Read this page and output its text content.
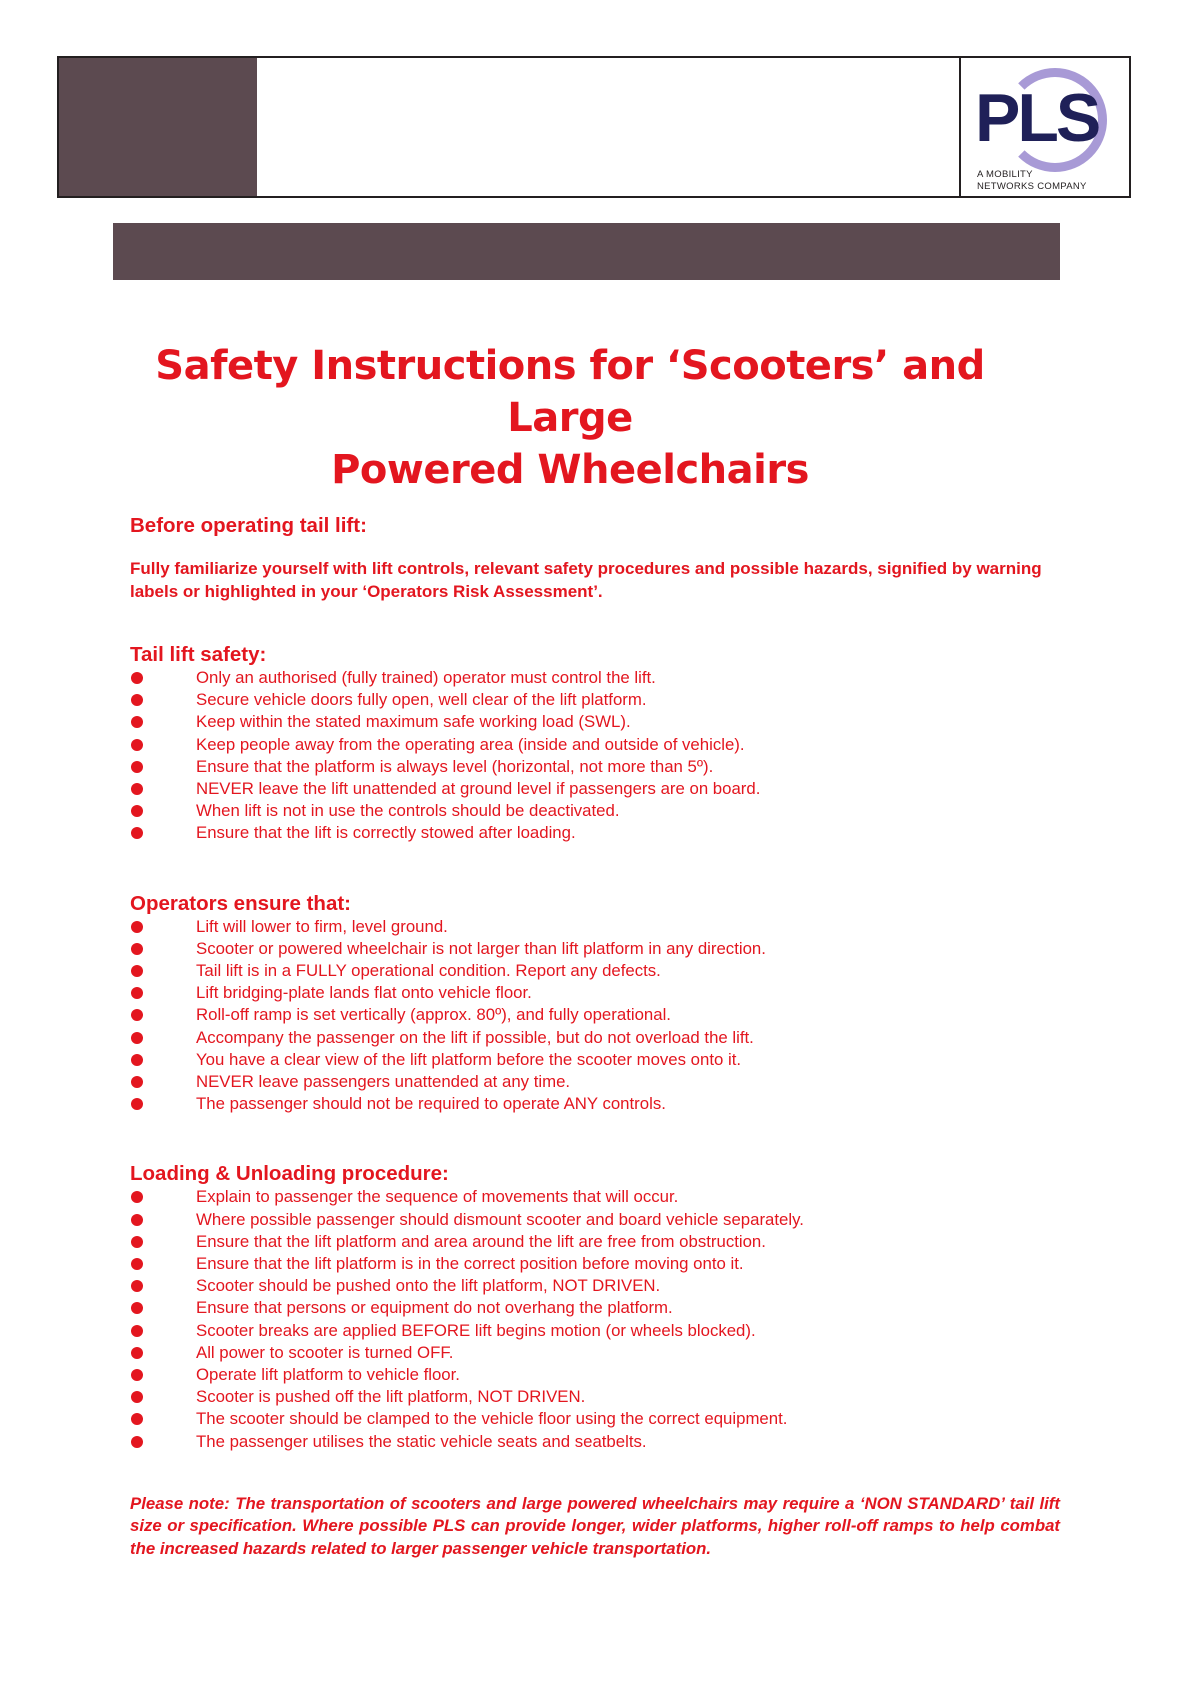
PLS
A MOBILITY
NETWORKS COMPANY
Safety Instructions for ‘Scooters’ and Large
Powered Wheelchairs
Before operating tail lift:

Fully familiarize yourself with lift controls, relevant safety procedures and possible hazards, signified by warning labels or highlighted in your ‘Operators Risk Assessment’.

Tail lift safety:
Only an authorised (fully trained) operator must control the lift.
Secure vehicle doors fully open, well clear of the lift platform.
Keep within the stated maximum safe working load (SWL).
Keep people away from the operating area (inside and outside of vehicle).
Ensure that the platform is always level (horizontal, not more than 5º).
NEVER leave the lift unattended at ground level if passengers are on board.
When lift is not in use the controls should be deactivated.
Ensure that the lift is correctly stowed after loading.
Operators ensure that:
Lift will lower to firm, level ground.
Scooter or powered wheelchair is not larger than lift platform in any direction.
Tail lift is in a FULLY operational condition. Report any defects.
Lift bridging-plate lands flat onto vehicle floor.
Roll-off ramp is set vertically (approx. 80º), and fully operational.
Accompany the passenger on the lift if possible, but do not overload the lift.
You have a clear view of the lift platform before the scooter moves onto it.
NEVER leave passengers unattended at any time.
The passenger should not be required to operate ANY controls.
Loading & Unloading procedure:
Explain to passenger the sequence of movements that will occur.
Where possible passenger should dismount scooter and board vehicle separately.
Ensure that the lift platform and area around the lift are free from obstruction.
Ensure that the lift platform is in the correct position before moving onto it.
Scooter should be pushed onto the lift platform, NOT DRIVEN.
Ensure that persons or equipment do not overhang the platform.
Scooter breaks are applied BEFORE lift begins motion (or wheels blocked).
All power to scooter is turned OFF.
Operate lift platform to vehicle floor.
Scooter is pushed off the lift platform, NOT DRIVEN.
The scooter should be clamped to the vehicle floor using the correct equipment.
The passenger utilises the static vehicle seats and seatbelts.

Please note: The transportation of scooters and large powered wheelchairs may require a ‘NON STANDARD’ tail lift size or specification. Where possible PLS can provide longer, wider platforms, higher roll-off ramps to help combat the increased hazards related to larger passenger vehicle transportation.
